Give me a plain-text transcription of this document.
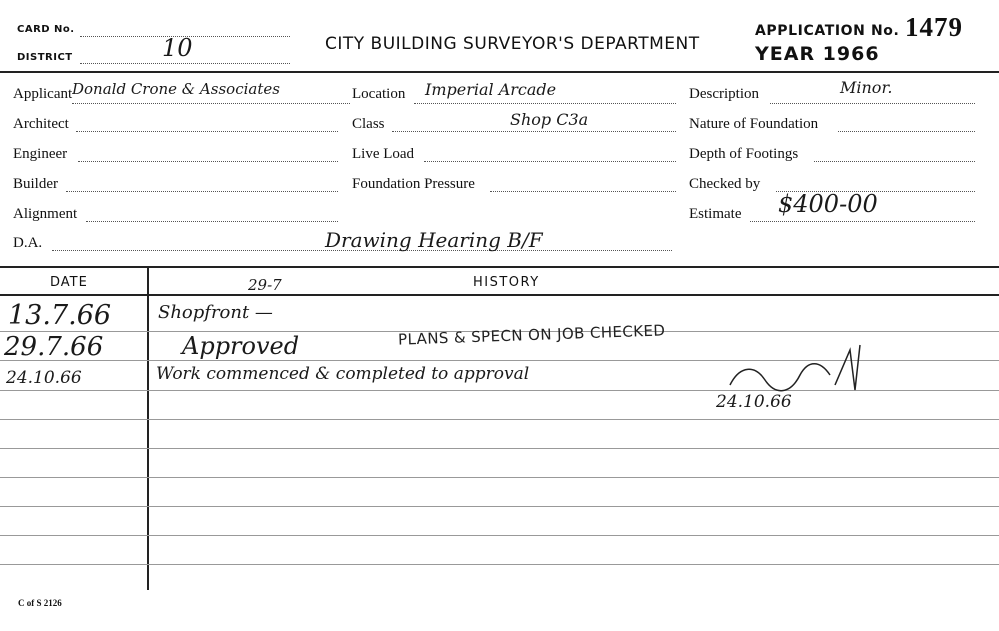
CARD No.
DISTRICT	10	CITY BUILDING SURVEYOR'S DEPARTMENT
APPLICATION No. 1479
YEAR 1966
Applicant Donald Crone & Associates
Architect
Engineer
Builder
Alignment
D.A.	Drawing Hearing B/F
Location Imperial Arcade
Class	Shop C3a
Live Load
Foundation Pressure
Description	Minor.
Nature of Foundation
Depth of Footings
Checked by
Estimate $400-00
DATE	HISTORY
13.7.66	Shopfront —
29-7
29.7.66	Approved	PLANS & SPECN ON JOB CHECKED
24.10.66	Work commenced & completed to approval
24.10.66
C of S 2126
